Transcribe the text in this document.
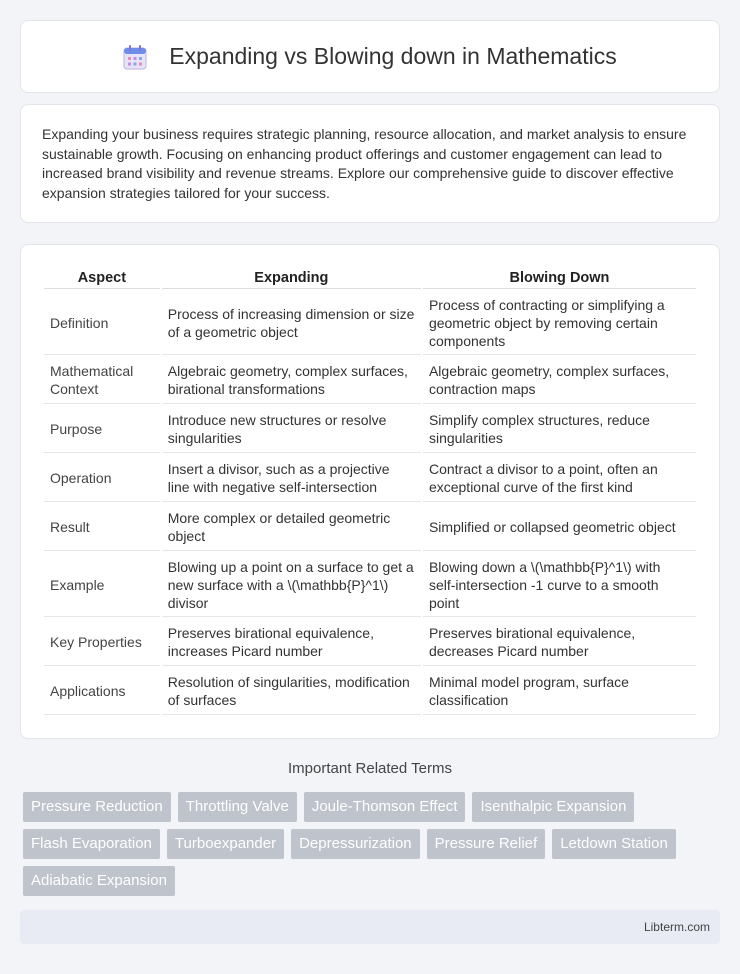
Expanding vs Blowing down in Mathematics

Expanding your business requires strategic planning, resource allocation, and market analysis to ensure sustainable growth. Focusing on enhancing product offerings and customer engagement can lead to increased brand visibility and revenue streams. Explore our comprehensive guide to discover effective expansion strategies tailored for your success.

Aspect	Expanding	Blowing Down
Definition	Process of increasing dimension or size of a geometric object	Process of contracting or simplifying a geometric object by removing certain components
Mathematical Context	Algebraic geometry, complex surfaces, birational transformations	Algebraic geometry, complex surfaces, contraction maps
Purpose	Introduce new structures or resolve singularities	Simplify complex structures, reduce singularities
Operation	Insert a divisor, such as a projective line with negative self-intersection	Contract a divisor to a point, often an exceptional curve of the first kind
Result	More complex or detailed geometric object	Simplified or collapsed geometric object
Example	Blowing up a point on a surface to get a new surface with a \(\mathbb{P}^1\) divisor	Blowing down a \(\mathbb{P}^1\) with self-intersection -1 curve to a smooth point
Key Properties	Preserves birational equivalence, increases Picard number	Preserves birational equivalence, decreases Picard number
Applications	Resolution of singularities, modification of surfaces	Minimal model program, surface classification
Important Related Terms
Pressure Reduction	Throttling Valve	Joule-Thomson Effect	Isenthalpic Expansion
Flash Evaporation	Turboexpander	Depressurization	Pressure Relief	Letdown Station
Adiabatic Expansion
Libterm.com
